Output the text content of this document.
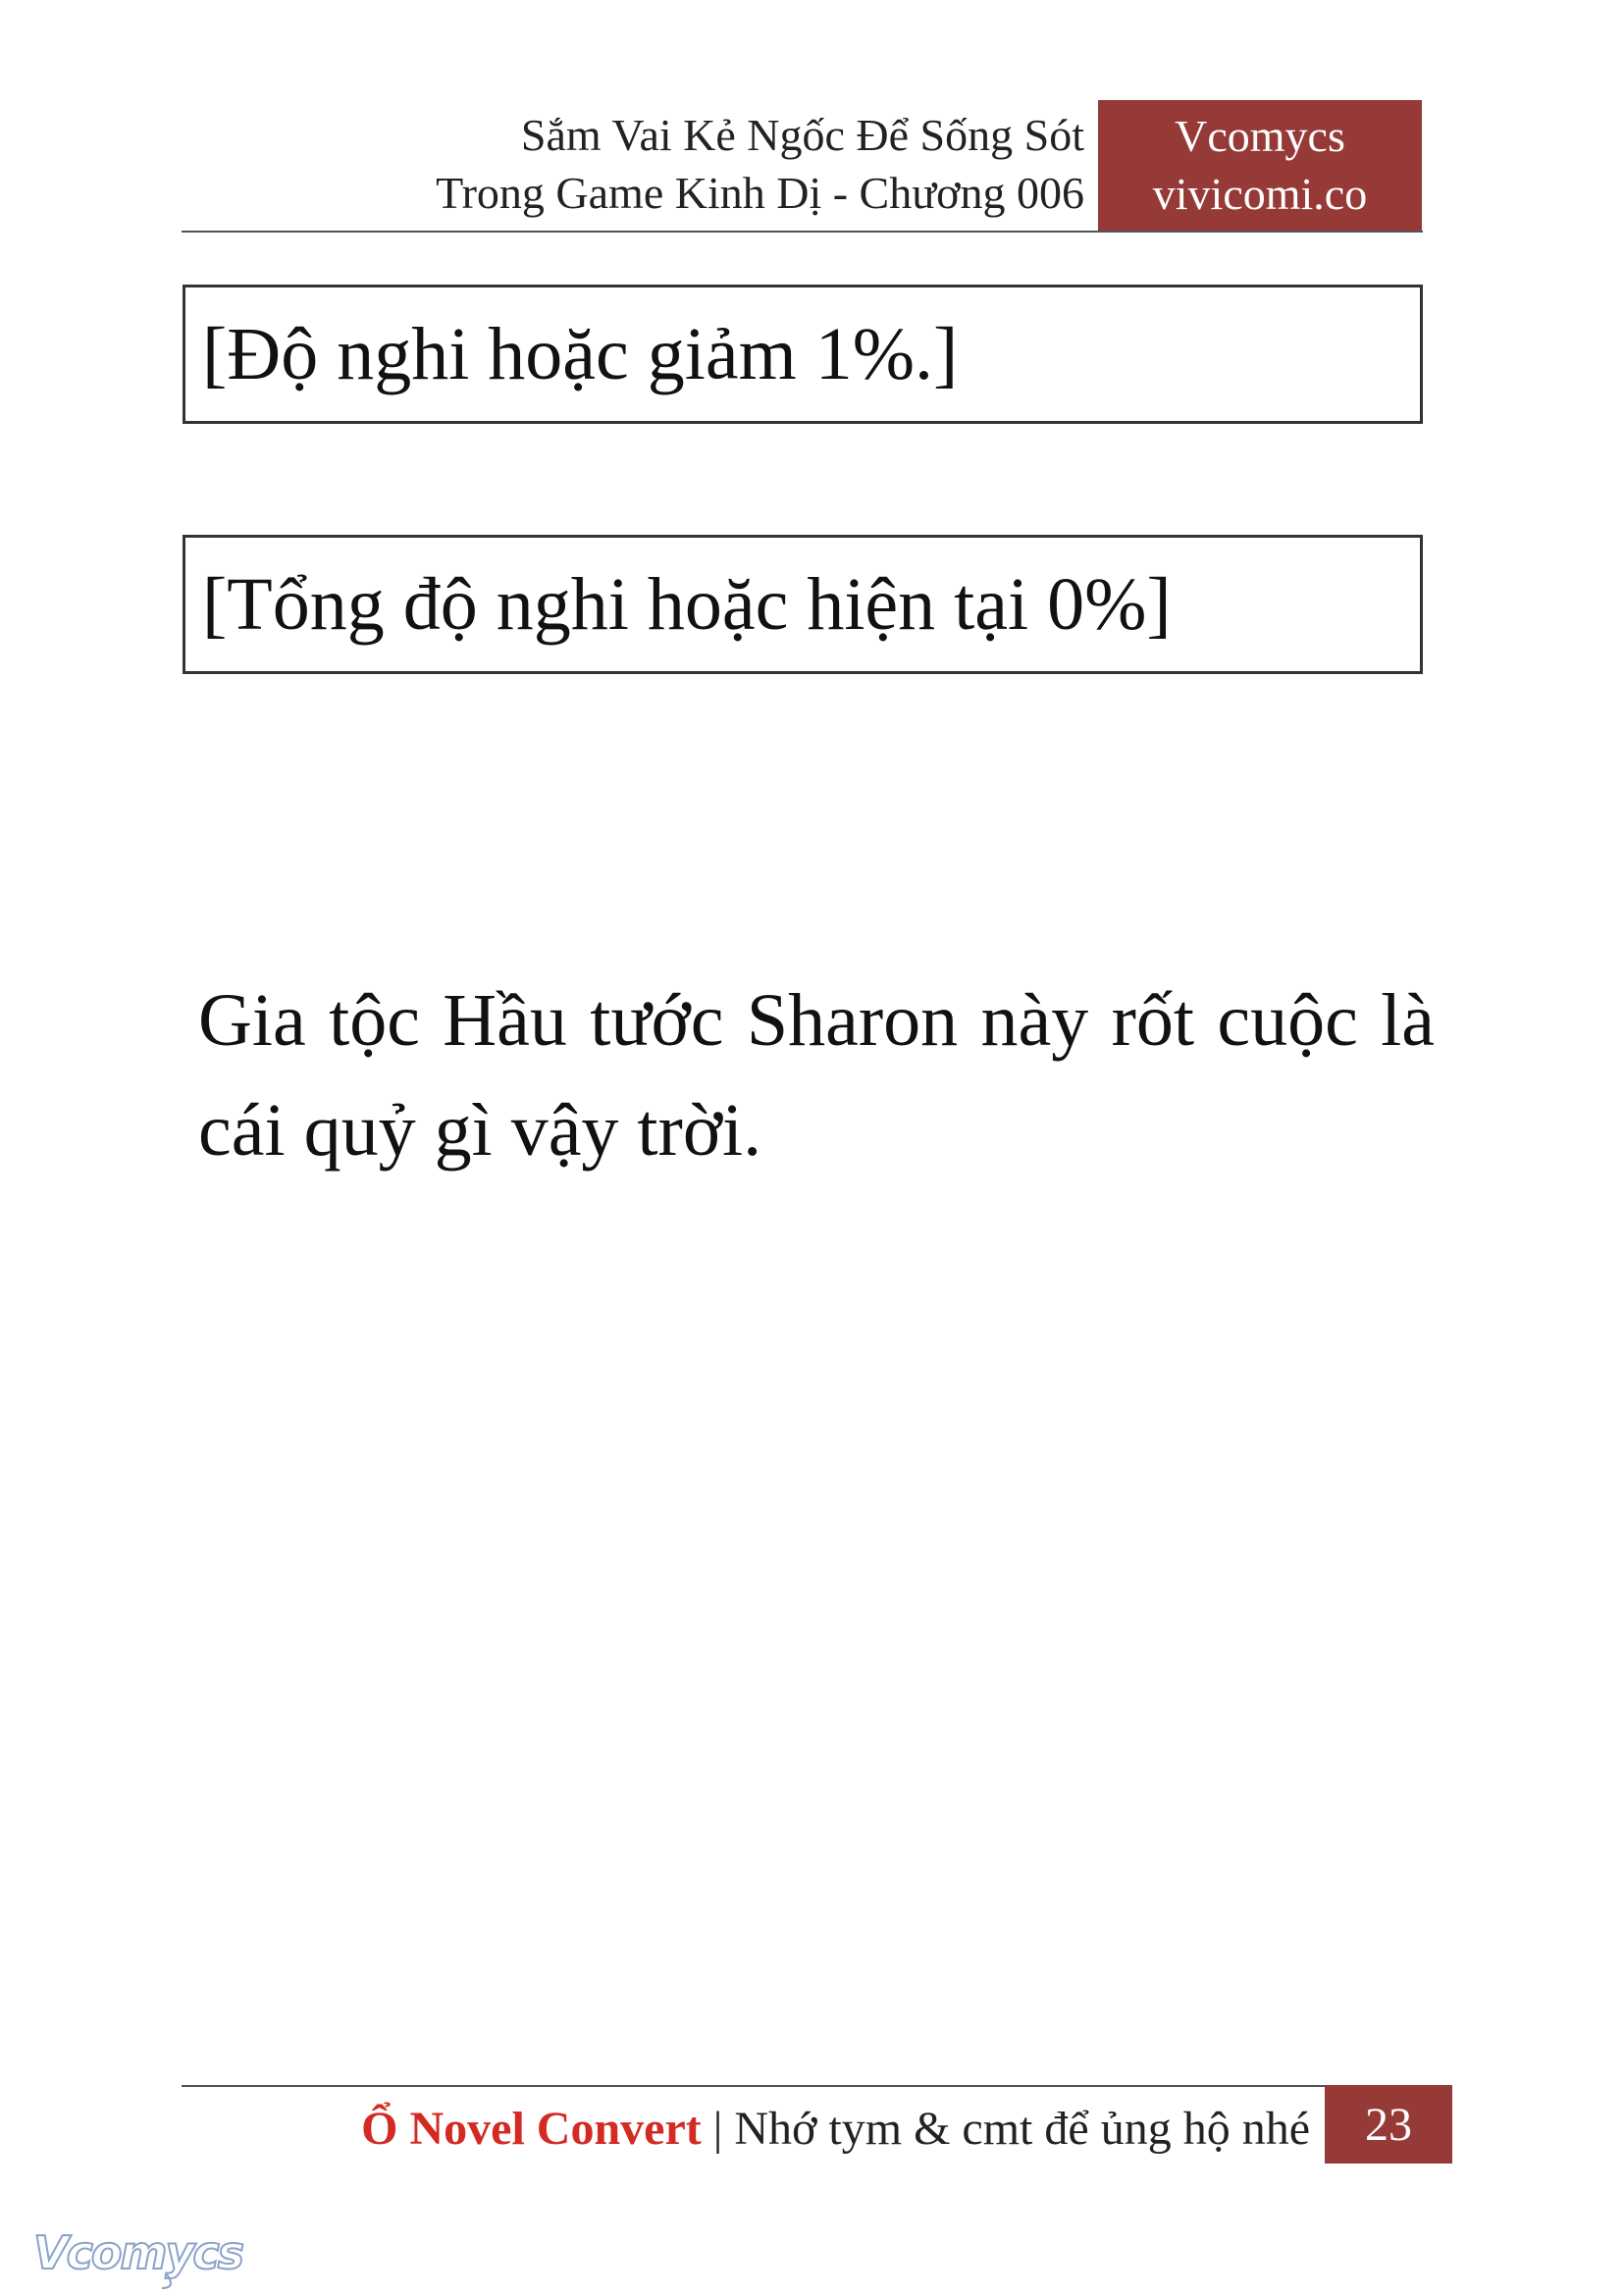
Sắm Vai Kẻ Ngốc Để Sống Sót
Trong Game Kinh Dị - Chương 006
Vcomycs
vivicomi.co
[Độ nghi hoặc giảm 1%.]
[Tổng độ nghi hoặc hiện tại 0%]

Gia tộc Hầu tước Sharon này rốt cuộc là cái quỷ gì vậy trời.

Ổ Novel Convert | Nhớ tym & cmt để ủng hộ nhé	23
Vcomycs
